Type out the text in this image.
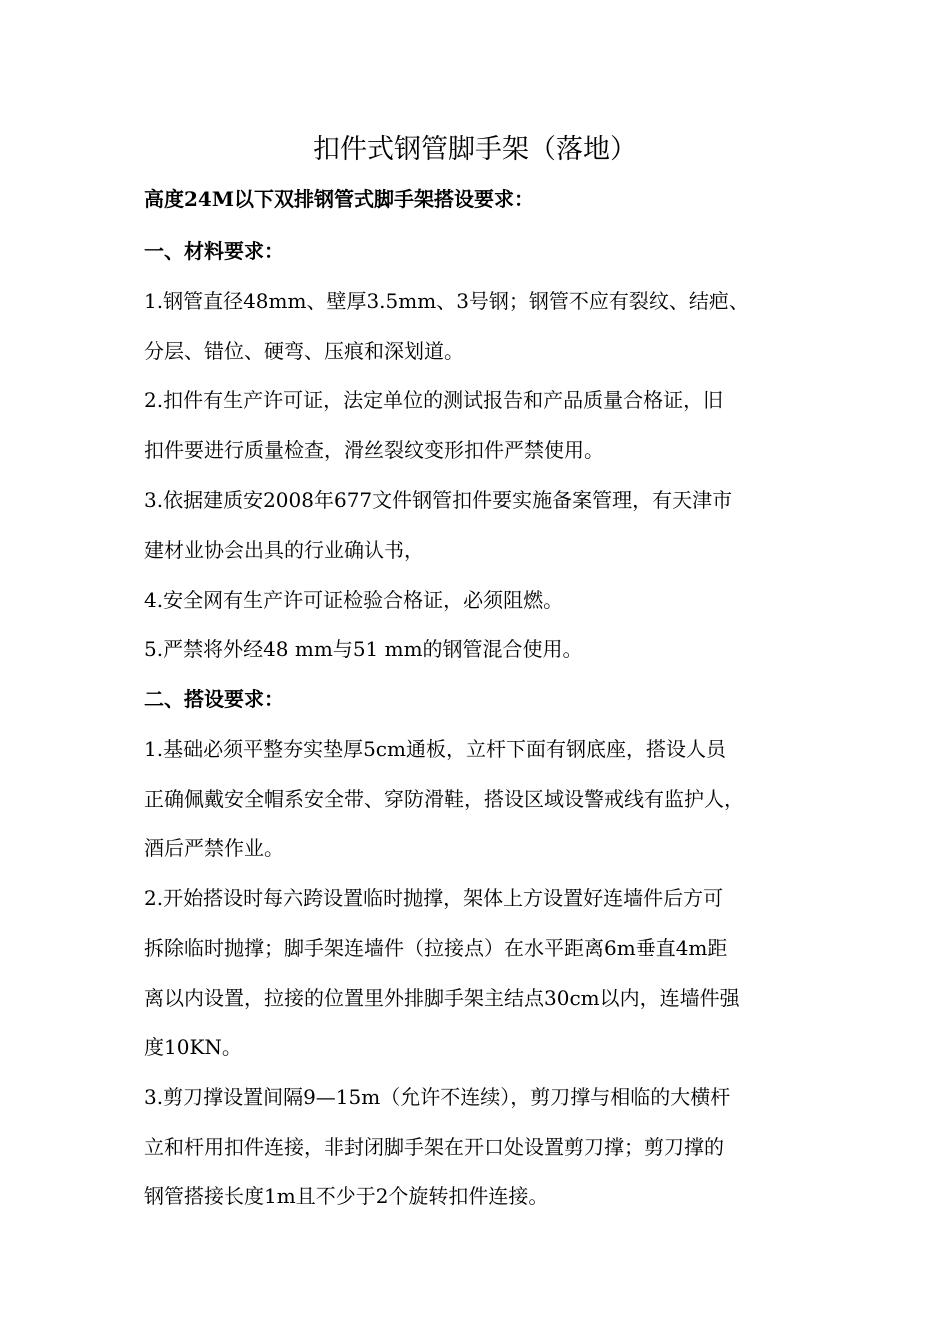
扣件式钢管脚手架（落地）

高度24M以下双排钢管式脚手架搭设要求：

一、材料要求：

1.钢管直径48mm、壁厚3.5mm、3号钢；钢管不应有裂纹、结疤、

分层、错位、硬弯、压痕和深划道。

2.扣件有生产许可证，法定单位的测试报告和产品质量合格证，旧

扣件要进行质量检查，滑丝裂纹变形扣件严禁使用。

3.依据建质安2008年677文件钢管扣件要实施备案管理，有天津市

建材业协会出具的行业确认书，

4.安全网有生产许可证检验合格证，必须阻燃。

5.严禁将外经48 mm与51 mm的钢管混合使用。

二、搭设要求：

1.基础必须平整夯实垫厚5cm通板，立杆下面有钢底座，搭设人员

正确佩戴安全帽系安全带、穿防滑鞋，搭设区域设警戒线有监护人，

酒后严禁作业。

2.开始搭设时每六跨设置临时抛撑，架体上方设置好连墙件后方可

拆除临时抛撑；脚手架连墙件（拉接点）在水平距离6m垂直4m距

离以内设置，拉接的位置里外排脚手架主结点30cm以内，连墙件强

度10KN。

3.剪刀撑设置间隔9—15m（允许不连续），剪刀撑与相临的大横杆

立和杆用扣件连接，非封闭脚手架在开口处设置剪刀撑；剪刀撑的

钢管搭接长度1m且不少于2个旋转扣件连接。
